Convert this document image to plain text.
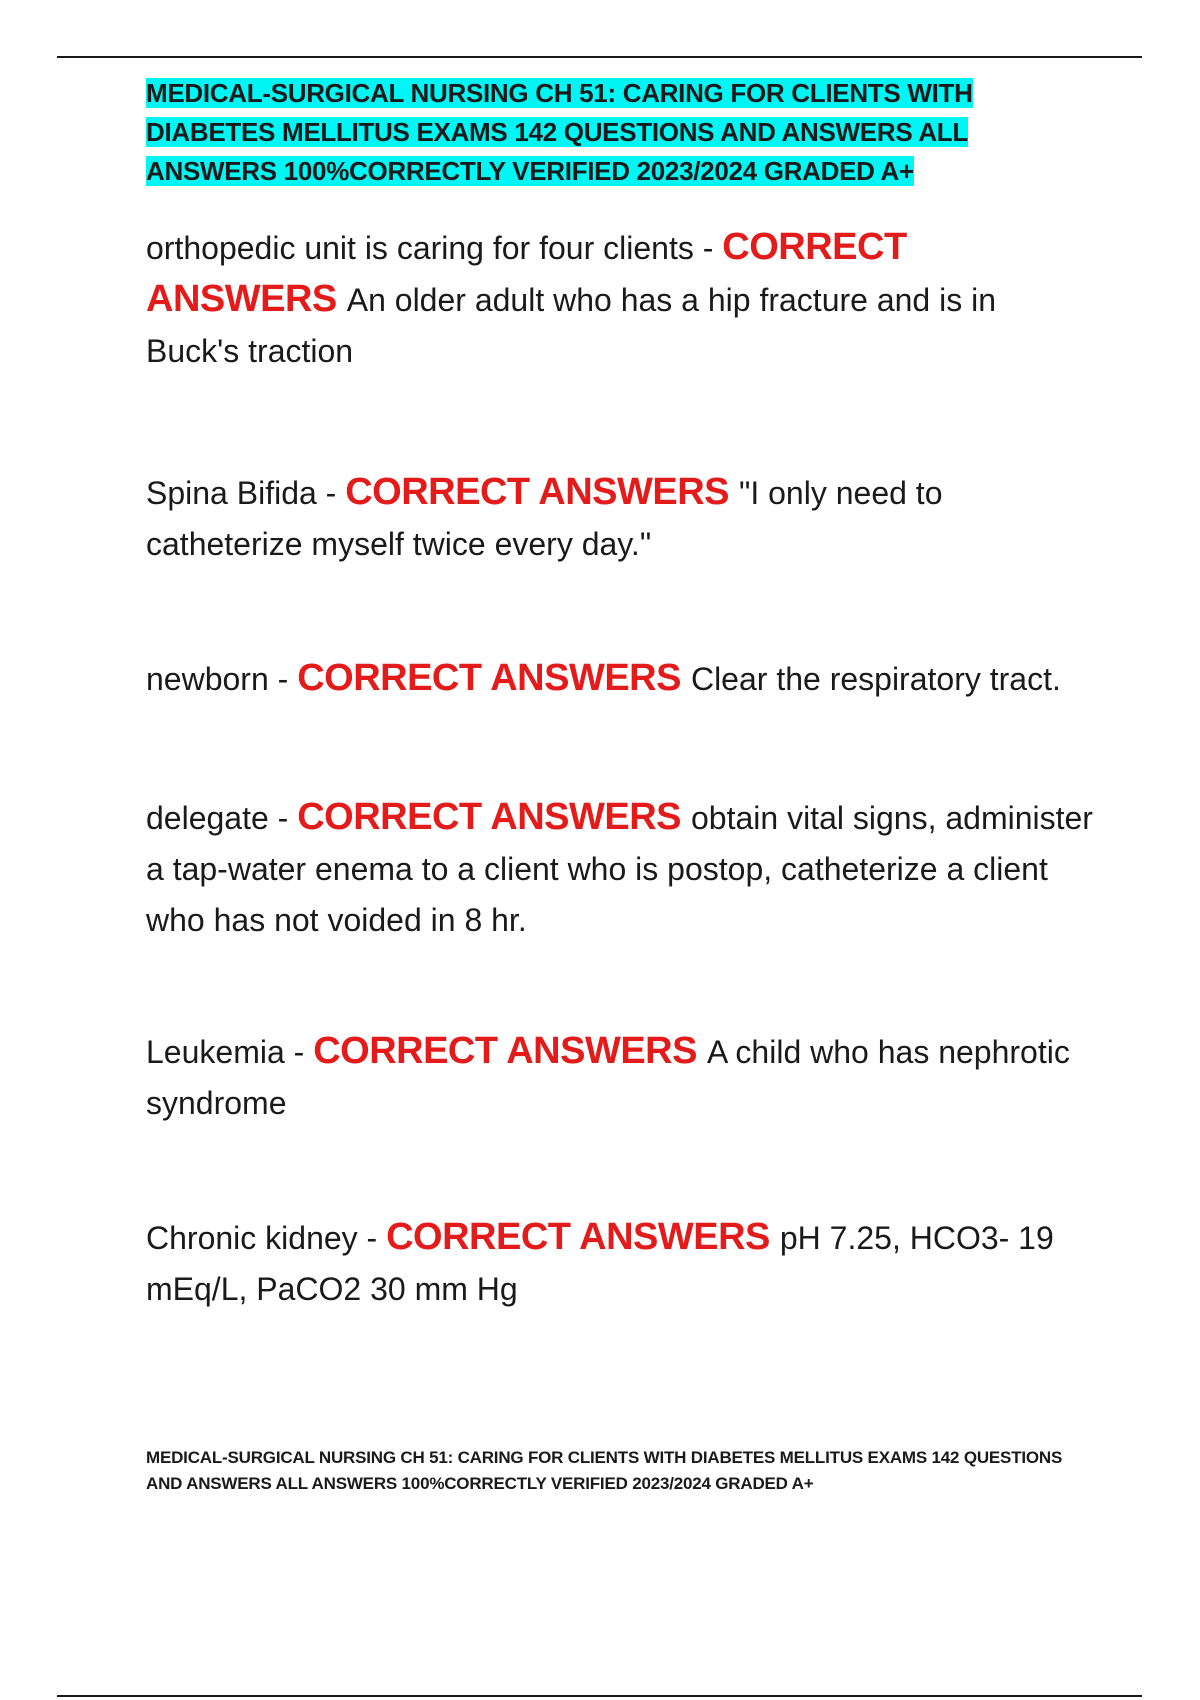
MEDICAL-SURGICAL NURSING CH 51: CARING FOR CLIENTS WITH DIABETES MELLITUS EXAMS 142 QUESTIONS AND ANSWERS ALL ANSWERS 100%CORRECTLY VERIFIED 2023/2024 GRADED A+

orthopedic unit is caring for four clients - CORRECT ANSWERS An older adult who has a hip fracture and is in Buck's traction

Spina Bifida - CORRECT ANSWERS "I only need to catheterize myself twice every day."

newborn - CORRECT ANSWERS Clear the respiratory tract.

delegate - CORRECT ANSWERS obtain vital signs, administer a tap-water enema to a client who is postop, catheterize a client who has not voided in 8 hr.

Leukemia - CORRECT ANSWERS A child who has nephrotic syndrome

Chronic kidney - CORRECT ANSWERS pH 7.25, HCO3- 19 mEq/L, PaCO2 30 mm Hg

MEDICAL-SURGICAL NURSING CH 51: CARING FOR CLIENTS WITH DIABETES MELLITUS EXAMS 142 QUESTIONS AND ANSWERS ALL ANSWERS 100%CORRECTLY VERIFIED 2023/2024 GRADED A+
